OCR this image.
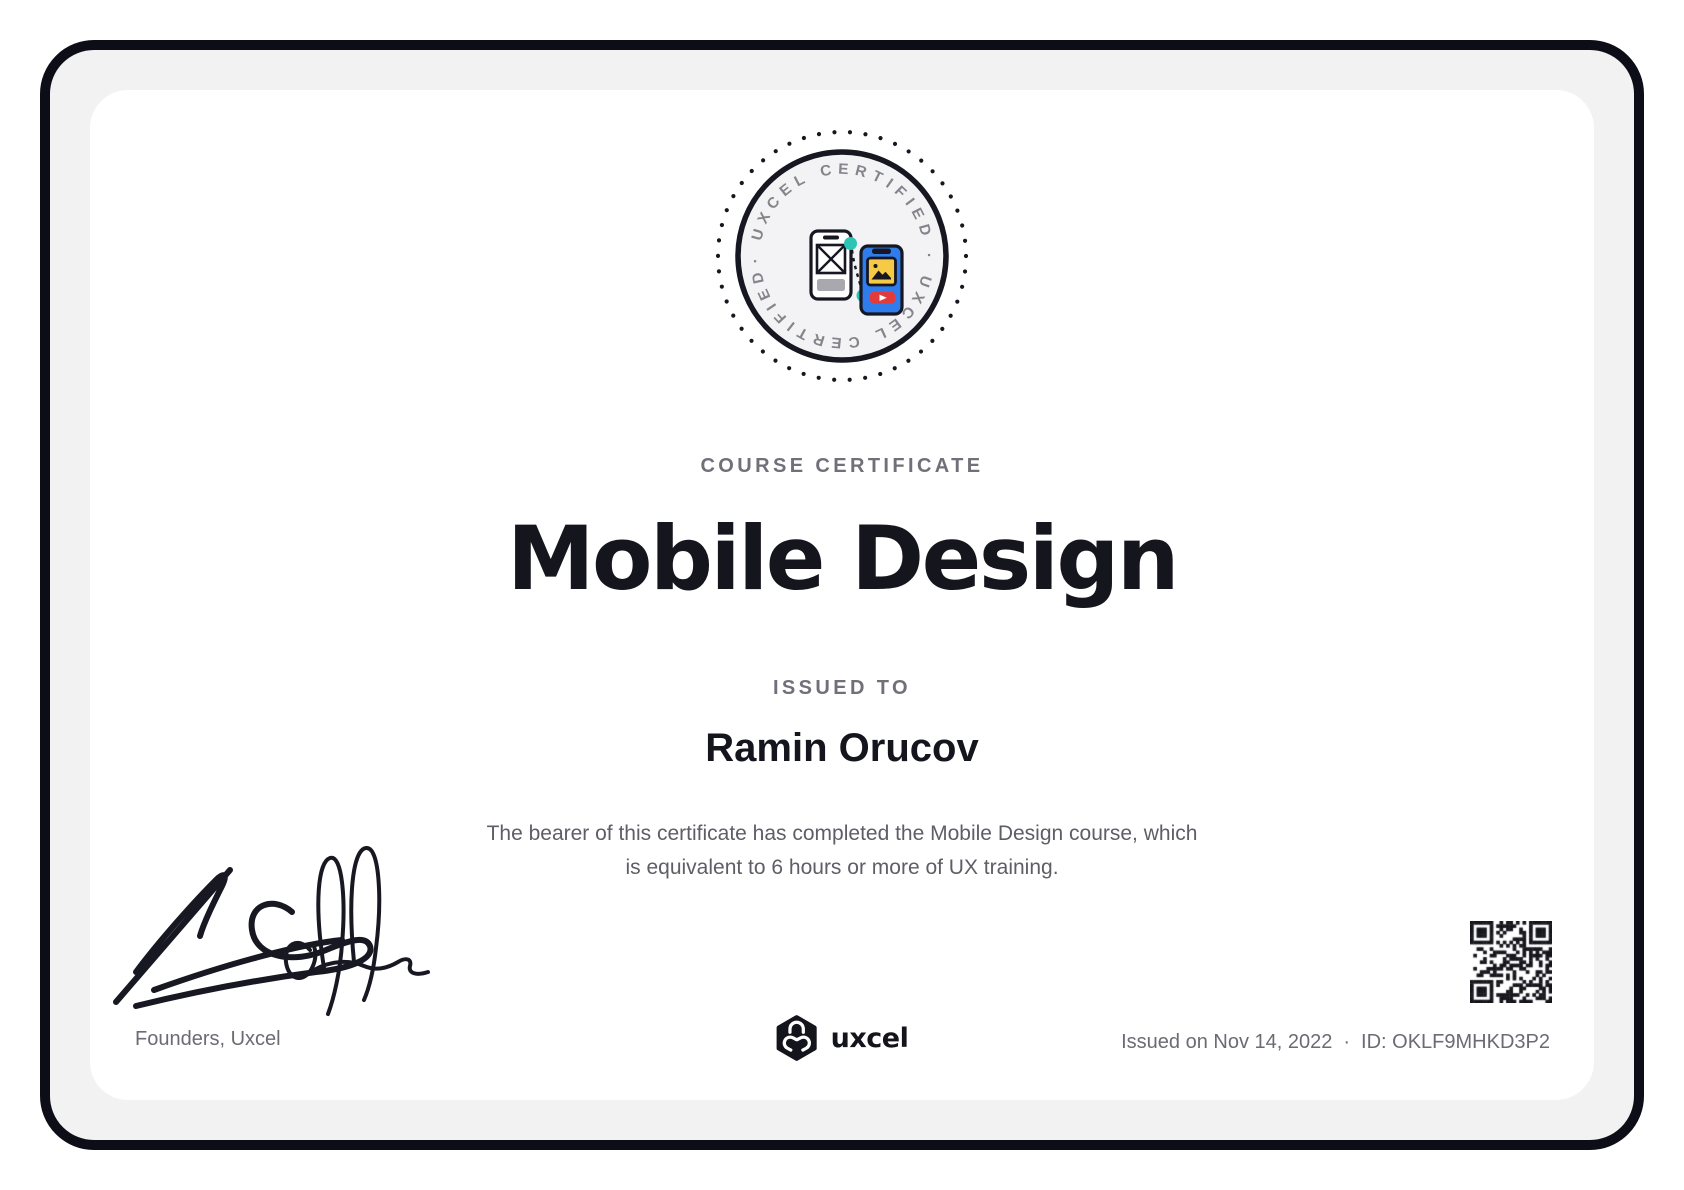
· UXCEL CERTIFIED · UXCEL CERTIFIED
COURSE CERTIFICATE
Mobile Design
ISSUED TO
Ramin Orucov
The bearer of this certificate has completed the Mobile Design course, which
is equivalent to 6 hours or more of UX training.
Founders, Uxcel	uxcel	Issued on Nov 14, 2022 · ID: OKLF9MHKD3P2
